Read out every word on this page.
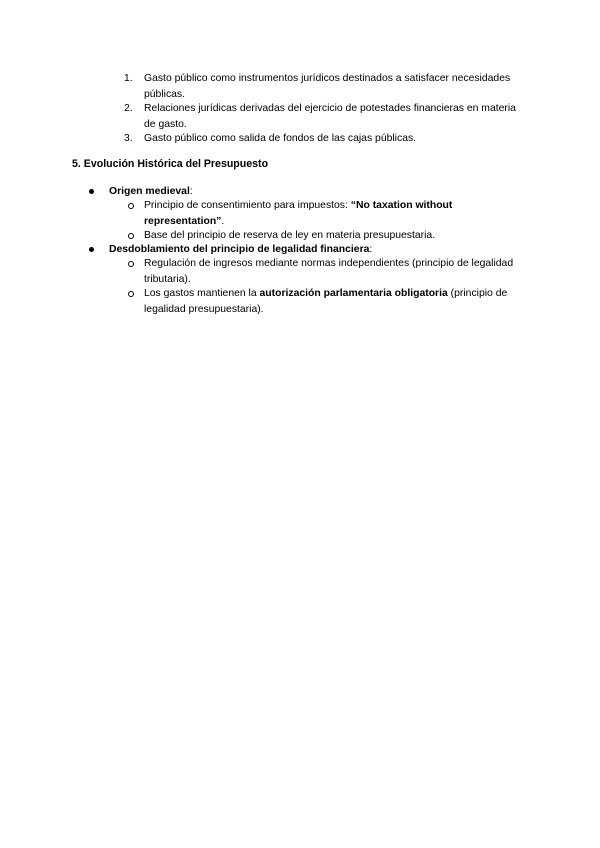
1.	Gasto público como instrumentos jurídicos destinados a satisfacer necesidades públicas.
2.	Relaciones jurídicas derivadas del ejercicio de potestades financieras en materia de gasto.
3.	Gasto público como salida de fondos de las cajas públicas.
5. Evolución Histórica del Presupuesto
Origen medieval:
Principio de consentimiento para impuestos: “No taxation without representation”.
Base del principio de reserva de ley en materia presupuestaria.
Desdoblamiento del principio de legalidad financiera:
Regulación de ingresos mediante normas independientes (principio de legalidad tributaria).
Los gastos mantienen la autorización parlamentaria obligatoria (principio de legalidad presupuestaria).
